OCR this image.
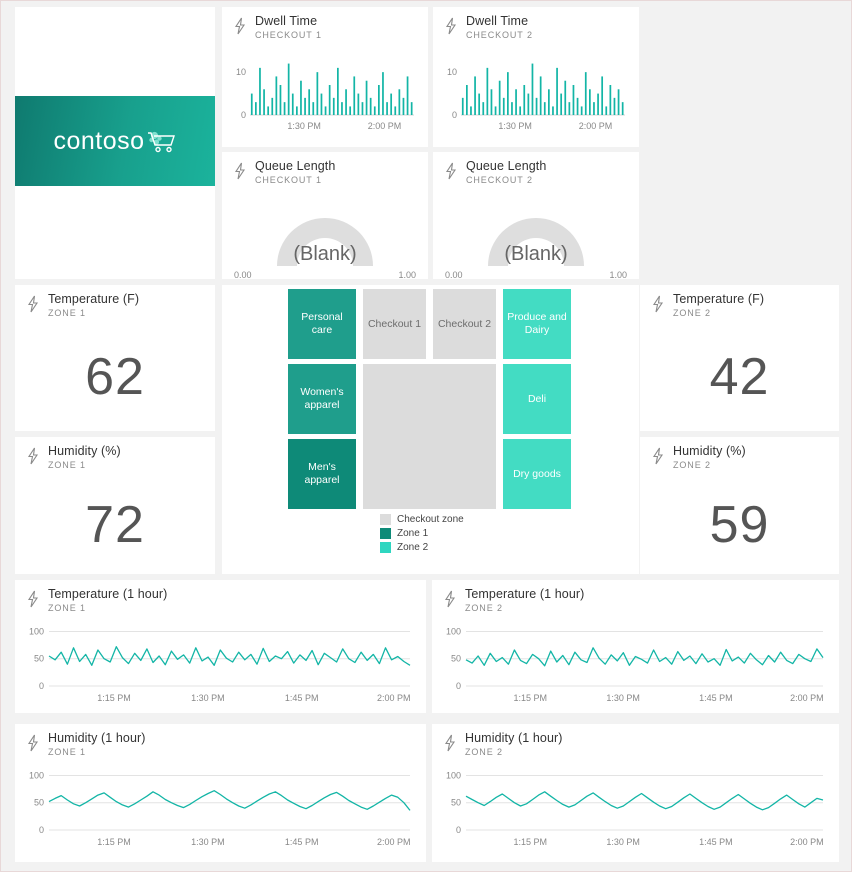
contoso
Dwell Time
CHECKOUT 1
0
10
1:30 PM	2:00 PM
Dwell Time
CHECKOUT 2
0
10
1:30 PM	2:00 PM
Queue Length
CHECKOUT 1
0.00	1.00
(Blank)
Queue Length
CHECKOUT 2
0.00	1.00
(Blank)
Temperature (F)
ZONE 1
62
Humidity (%)
ZONE 1
72
Temperature (F)
ZONE 2
42
Humidity (%)
ZONE 2
59
Personal care
Checkout 1	Checkout 2
Produce and Dairy
Women's apparel
Deli
Men's apparel
Dry goods
Checkout zone
Zone 1
Zone 2
Temperature (1 hour)
ZONE 1
0
50
100
1:15 PM	1:30 PM	1:45 PM	2:00 PM
Temperature (1 hour)
ZONE 2
0
50
100
1:15 PM	1:30 PM	1:45 PM	2:00 PM
Humidity (1 hour)
ZONE 1
0
50
100
1:15 PM	1:30 PM	1:45 PM	2:00 PM
Humidity (1 hour)
ZONE 2
0
50
100
1:15 PM	1:30 PM	1:45 PM	2:00 PM
